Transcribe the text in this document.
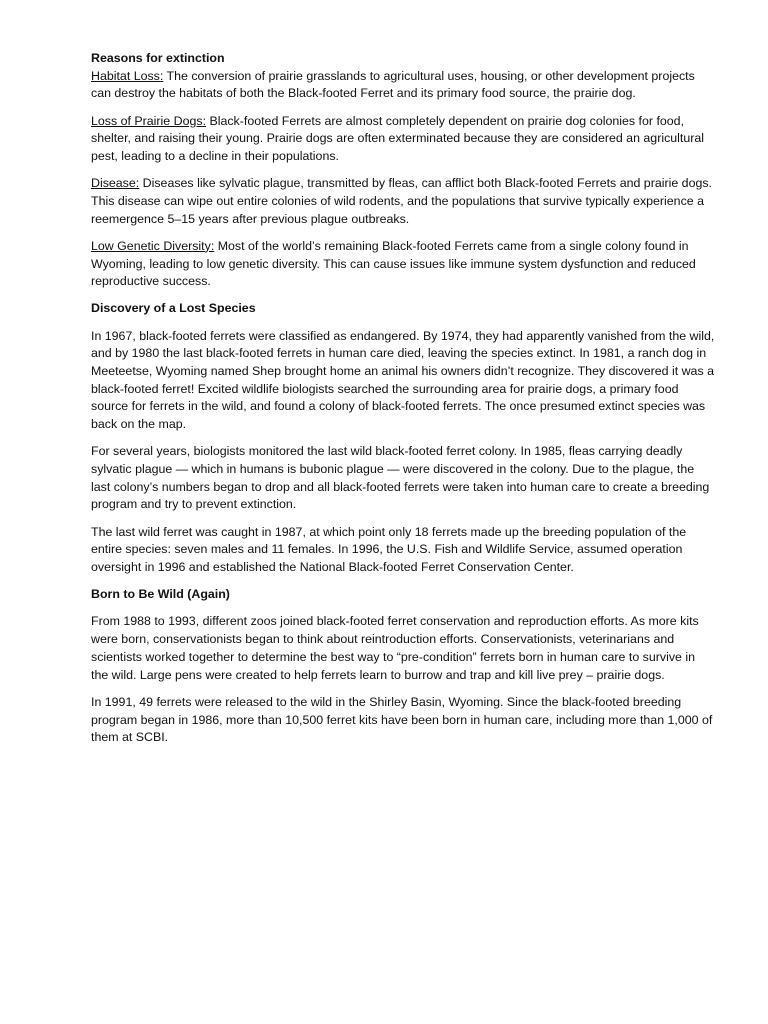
Reasons for extinction

Habitat Loss: The conversion of prairie grasslands to agricultural uses, housing, or other development projects can destroy the habitats of both the Black-footed Ferret and its primary food source, the prairie dog.

Loss of Prairie Dogs: Black-footed Ferrets are almost completely dependent on prairie dog colonies for food, shelter, and raising their young. Prairie dogs are often exterminated because they are considered an agricultural pest, leading to a decline in their populations.

Disease: Diseases like sylvatic plague, transmitted by fleas, can afflict both Black-footed Ferrets and prairie dogs. This disease can wipe out entire colonies of wild rodents, and the populations that survive typically experience a reemergence 5–15 years after previous plague outbreaks.

Low Genetic Diversity: Most of the world’s remaining Black-footed Ferrets came from a single colony found in Wyoming, leading to low genetic diversity. This can cause issues like immune system dysfunction and reduced reproductive success.

Discovery of a Lost Species

In 1967, black-footed ferrets were classified as endangered. By 1974, they had apparently vanished from the wild, and by 1980 the last black-footed ferrets in human care died, leaving the species extinct. In 1981, a ranch dog in Meeteetse, Wyoming named Shep brought home an animal his owners didn’t recognize. They discovered it was a black-footed ferret! Excited wildlife biologists searched the surrounding area for prairie dogs, a primary food source for ferrets in the wild, and found a colony of black-footed ferrets. The once presumed extinct species was back on the map.

For several years, biologists monitored the last wild black-footed ferret colony. In 1985, fleas carrying deadly sylvatic plague — which in humans is bubonic plague — were discovered in the colony. Due to the plague, the last colony’s numbers began to drop and all black-footed ferrets were taken into human care to create a breeding program and try to prevent extinction.

The last wild ferret was caught in 1987, at which point only 18 ferrets made up the breeding population of the entire species: seven males and 11 females. In 1996, the U.S. Fish and Wildlife Service, assumed operation oversight in 1996 and established the National Black-footed Ferret Conservation Center.

Born to Be Wild (Again)

From 1988 to 1993, different zoos joined black-footed ferret conservation and reproduction efforts. As more kits were born, conservationists began to think about reintroduction efforts. Conservationists, veterinarians and scientists worked together to determine the best way to “pre-condition” ferrets born in human care to survive in the wild. Large pens were created to help ferrets learn to burrow and trap and kill live prey – prairie dogs.

In 1991, 49 ferrets were released to the wild in the Shirley Basin, Wyoming. Since the black-footed breeding program began in 1986, more than 10,500 ferret kits have been born in human care, including more than 1,000 of them at SCBI.
